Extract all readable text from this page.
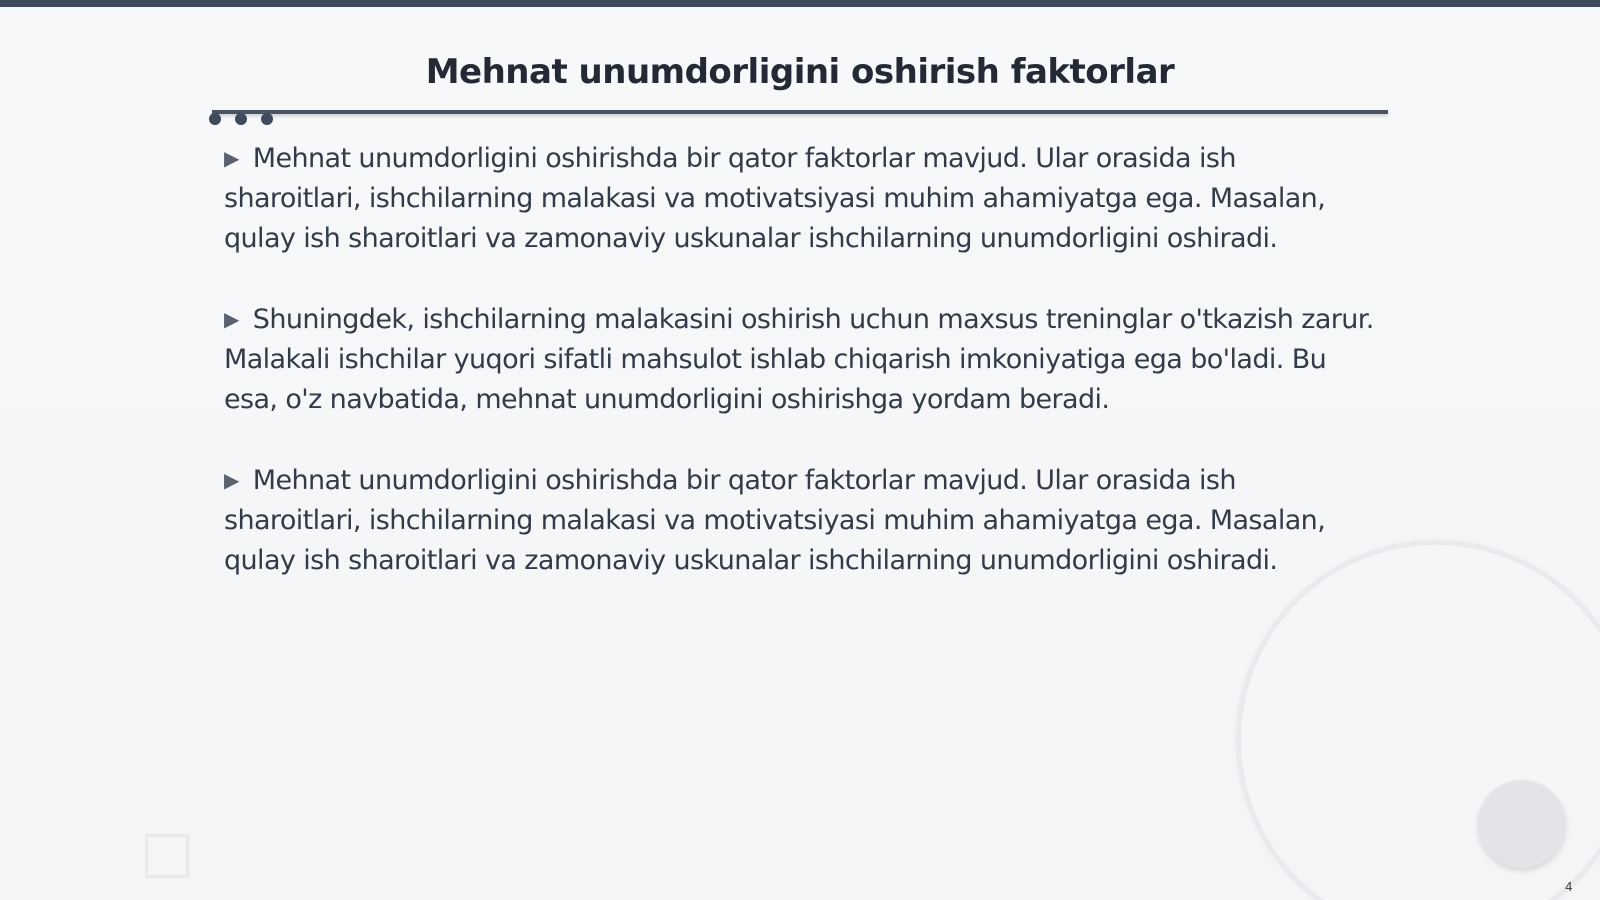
Mehnat unumdorligini oshirish faktorlar

▶ Mehnat unumdorligini oshirishda bir qator faktorlar mavjud. Ular orasida ish sharoitlari, ishchilarning malakasi va motivatsiyasi muhim ahamiyatga ega. Masalan, qulay ish sharoitlari va zamonaviy uskunalar ishchilarning unumdorligini oshiradi.

▶ Shuningdek, ishchilarning malakasini oshirish uchun maxsus treninglar o'tkazish zarur. Malakali ishchilar yuqori sifatli mahsulot ishlab chiqarish imkoniyatiga ega bo'ladi. Bu esa, o'z navbatida, mehnat unumdorligini oshirishga yordam beradi.

▶ Mehnat unumdorligini oshirishda bir qator faktorlar mavjud. Ular orasida ish sharoitlari, ishchilarning malakasi va motivatsiyasi muhim ahamiyatga ega. Masalan, qulay ish sharoitlari va zamonaviy uskunalar ishchilarning unumdorligini oshiradi.

4
